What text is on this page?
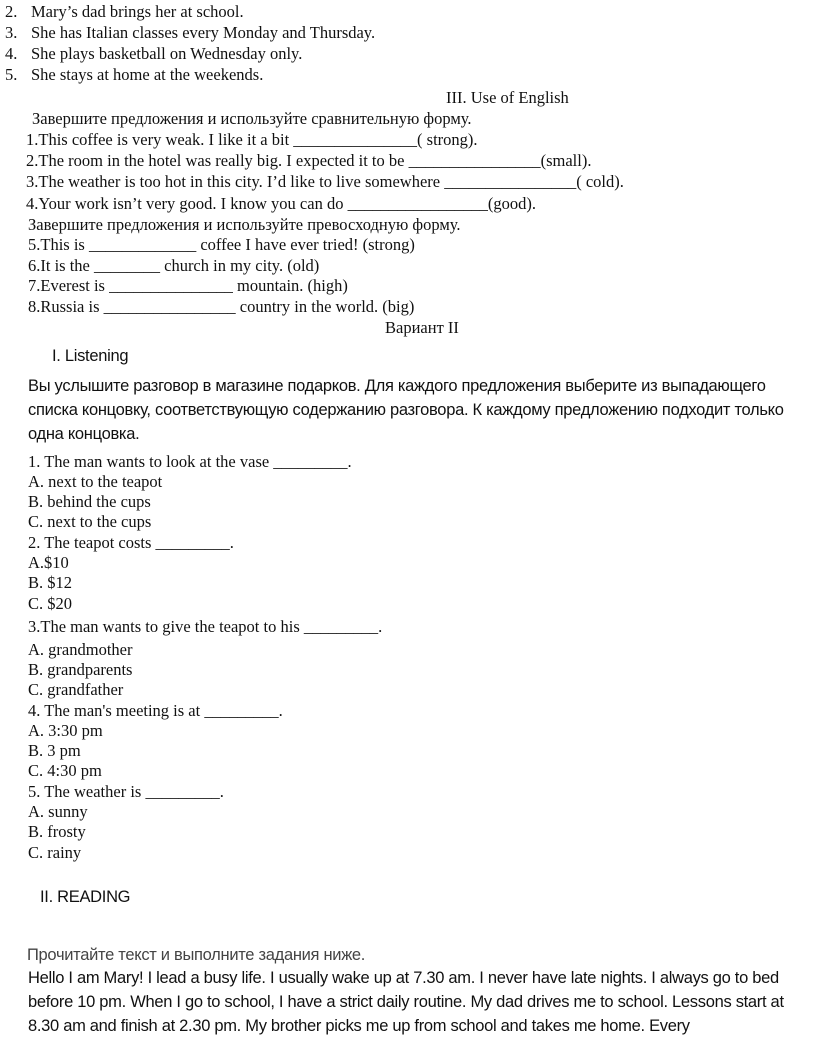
2. Mary’s dad brings her at school.
3. She has Italian classes every Monday and Thursday.
4. She plays basketball on Wednesday only.
5. She stays at home at the weekends.
III. Use of English
Завершите предложения и используйте сравнительную форму.
1.This coffee is very weak. I like it a bit _______________( strong).
2.The room in the hotel was really big. I expected it to be ________________(small).
3.The weather is too hot in this city. I’d like to live somewhere ________________( cold).
4.Your work isn’t very good. I know you can do _________________(good).
Завершите предложения и используйте превосходную форму.
5.This is _____________ coffee I have ever tried! (strong)
6.It is the ________ church in my city. (old)
7.Everest is _______________ mountain. (high)
8.Russia is ________________ country in the world. (big)
Вариант II
I. Listening
Вы услышите разговор в магазине подарков. Для каждого предложения выберите из выпадающего списка концовку, соответствующую содержанию разговора. К каждому предложению подходит только одна концовка.
1. The man wants to look at the vase _________.
A. next to the teapot
B. behind the cups
C. next to the cups
2. The teapot costs _________.
A.$10
B. $12
C. $20
3.The man wants to give the teapot to his _________.
A. grandmother
B. grandparents
C. grandfather
4. The man's meeting is at _________.
A. 3:30 pm
B. 3 pm
C. 4:30 pm
5. The weather is _________.
A. sunny
B. frosty
C. rainy
II. READING
Прочитайте текст и выполните задания ниже.
Hello I am Mary! I lead a busy life. I usually wake up at 7.30 am. I never have late nights. I always go to bed before 10 pm. When I go to school, I have a strict daily routine. My dad drives me to school. Lessons start at 8.30 am and finish at 2.30 pm. My brother picks me up from school and takes me home. Every
